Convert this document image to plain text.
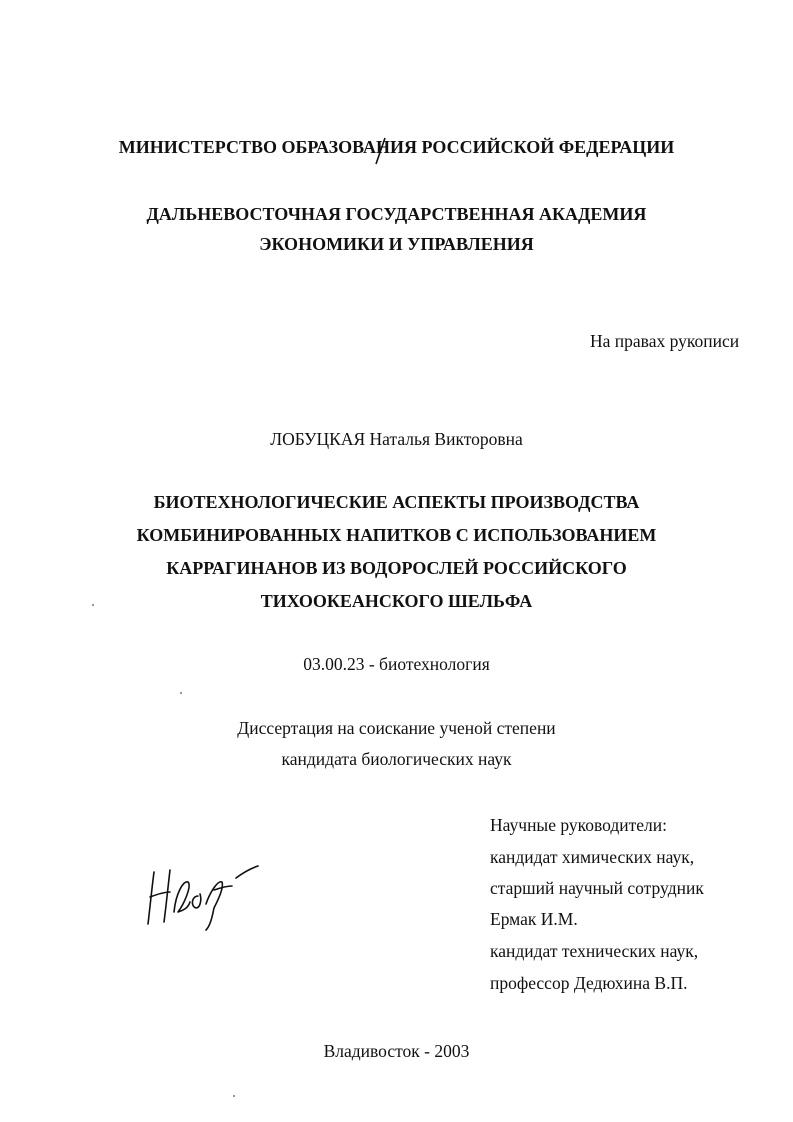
МИНИСТЕРСТВО ОБРАЗОВАНИЯ РОССИЙСКОЙ ФЕДЕРАЦИИ
ДАЛЬНЕВОСТОЧНАЯ ГОСУДАРСТВЕННАЯ АКАДЕМИЯ
ЭКОНОМИКИ И УПРАВЛЕНИЯ
На правах рукописи
ЛОБУЦКАЯ Наталья Викторовна
БИОТЕХНОЛОГИЧЕСКИЕ АСПЕКТЫ ПРОИЗВОДСТВА
КОМБИНИРОВАННЫХ НАПИТКОВ С ИСПОЛЬЗОВАНИЕМ
КАРРАГИНАНОВ ИЗ ВОДОРОСЛЕЙ РОССИЙСКОГО
ТИХООКЕАНСКОГО ШЕЛЬФА
03.00.23 - биотехнология
Диссертация на соискание ученой степени
кандидата биологических наук
Научные руководители:
кандидат химических наук,
старший научный сотрудник
Ермак И.М.
кандидат технических наук,
профессор Дедюхина В.П.
Владивосток - 2003
